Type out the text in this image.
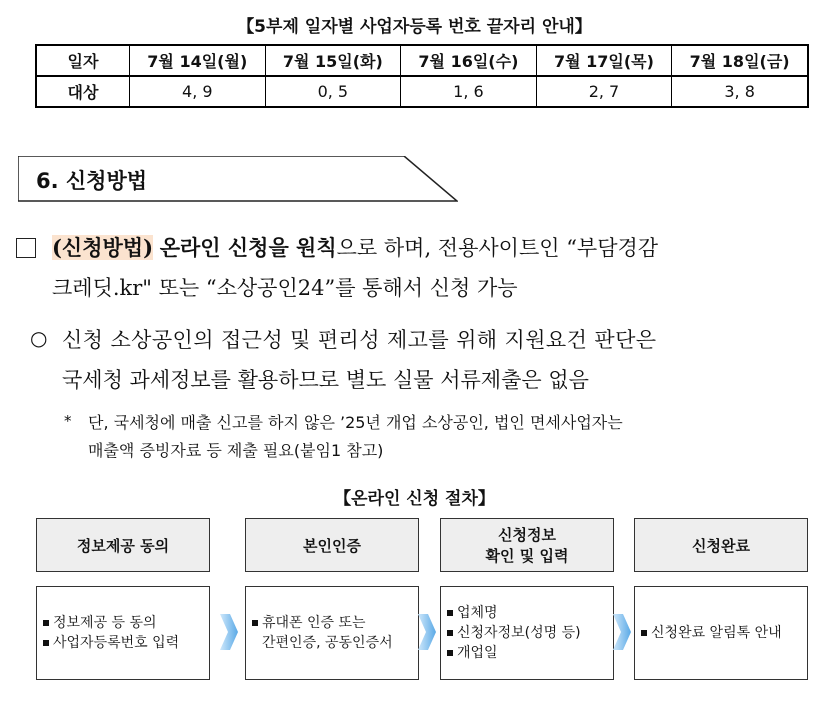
【5부제 일자별 사업자등록 번호 끝자리 안내】
일자	7월 14일(월)	7월 15일(화)	7월 16일(수)	7월 17일(목)	7월 18일(금)
대상	4, 9	0, 5	1, 6	2, 7	3, 8
6. 신청방법
(신청방법) 온라인 신청을 원칙으로 하며, 전용사이트인 “부담경감
크레딧.kr" 또는 “소상공인24”를 통해서 신청 가능
○ 신청 소상공인의 접근성 및 편리성 제고를 위해 지원요건 판단은
국세청 과세정보를 활용하므로 별도 실물 서류제출은 없음
* 단, 국세청에 매출 신고를 하지 않은 ’25년 개업 소상공인, 법인 면세사업자는
매출액 증빙자료 등 제출 필요(붙임1 참고)
【온라인 신청 절차】
정보제공 동의	본인인증
신청정보
확인 및 입력
신청완료
정보제공 등 동의
사업자등록번호 입력
휴대폰 인증 또는
간편인증, 공동인증서
업체명
신청자정보(성명 등)
개업일
신청완료 알림톡 안내
